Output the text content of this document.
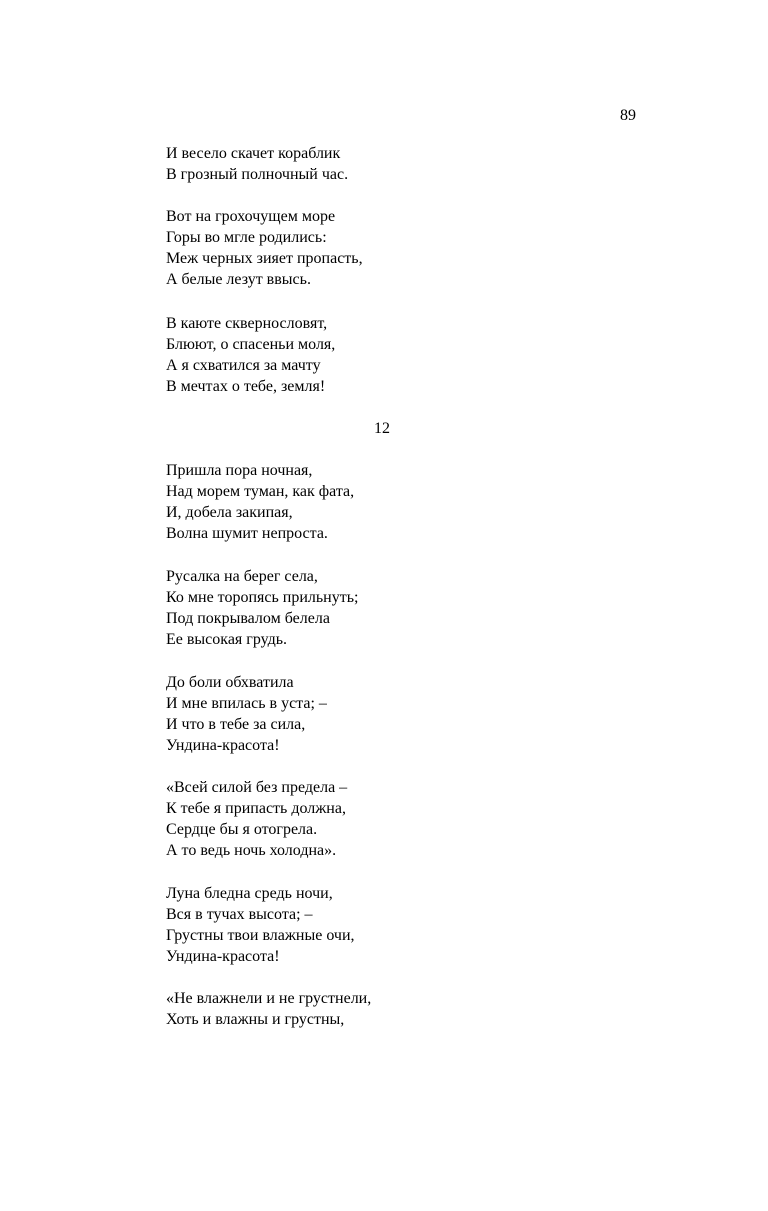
89
И весело скачет кораблик
В грозный полночный час.
Вот на грохочущем море
Горы во мгле родились:
Меж черных зияет пропасть,
А белые лезут ввысь.
В каюте сквернословят,
Блюют, о спасеньи моля,
А я схватился за мачту
В мечтах о тебе, земля!
12
Пришла пора ночная,
Над морем туман, как фата,
И, добела закипая,
Волна шумит непроста.
Русалка на берег села,
Ко мне торопясь прильнуть;
Под покрывалом белела
Ее высокая грудь.
До боли обхватила
И мне впилась в уста; –
И что в тебе за сила,
Ундина-красота!
«Всей силой без предела –
К тебе я припасть должна,
Сердце бы я отогрела.
А то ведь ночь холодна».
Луна бледна средь ночи,
Вся в тучах высота; –
Грустны твои влажные очи,
Ундина-красота!
«Не влажнели и не грустнели,
Хоть и влажны и грустны,
